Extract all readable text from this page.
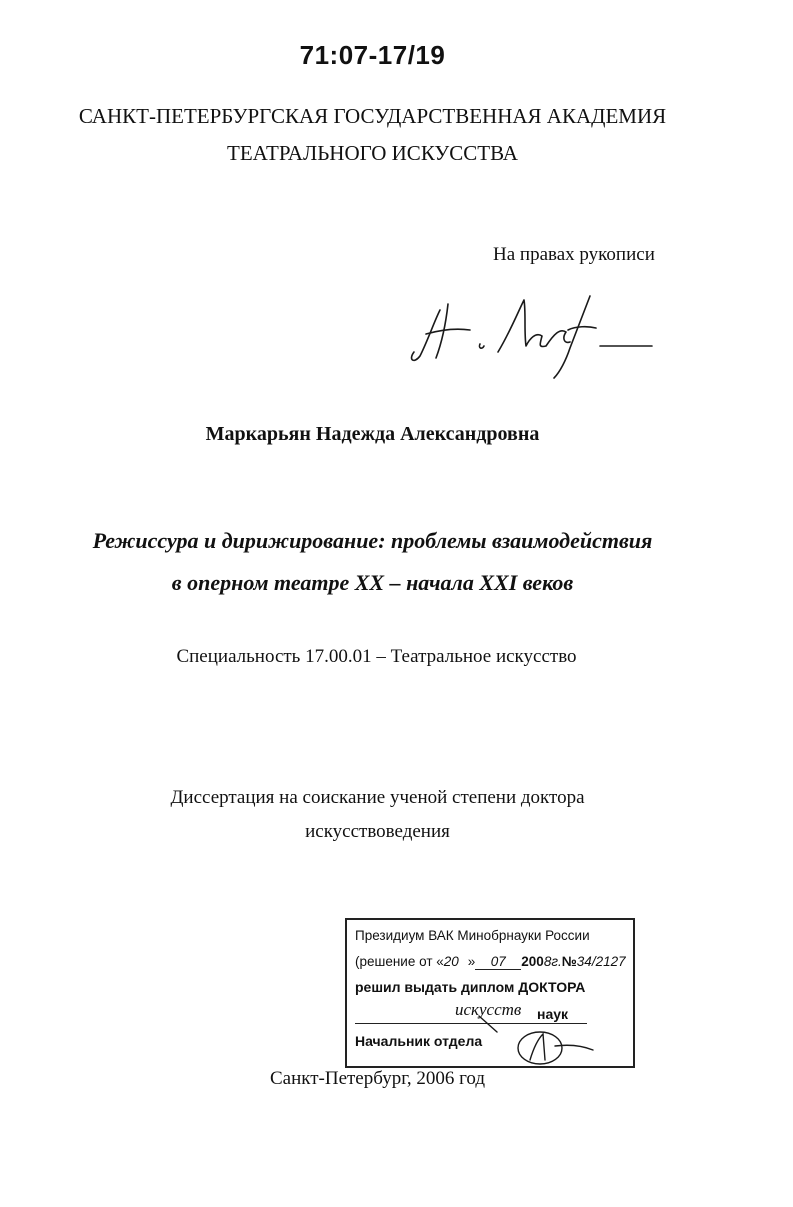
71:07-17/19
САНКТ-ПЕТЕРБУРГСКАЯ ГОСУДАРСТВЕННАЯ АКАДЕМИЯ
ТЕАТРАЛЬНОГО ИСКУССТВА
На правах рукописи
Маркарьян Надежда Александровна
Режиссура и дирижирование: проблемы взаимодействия
в оперном театре XX – начала XXI веков
Специальность 17.00.01 – Театральное искусство
Диссертация на соискание ученой степени доктора
искусствоведения
Президиум ВАК Минобрнауки России
(решение от «20 » 07 2008г.№34/2127
решил выдать диплом ДОКТОРА
искусств наук
Начальник отдела
Санкт-Петербург, 2006 год
